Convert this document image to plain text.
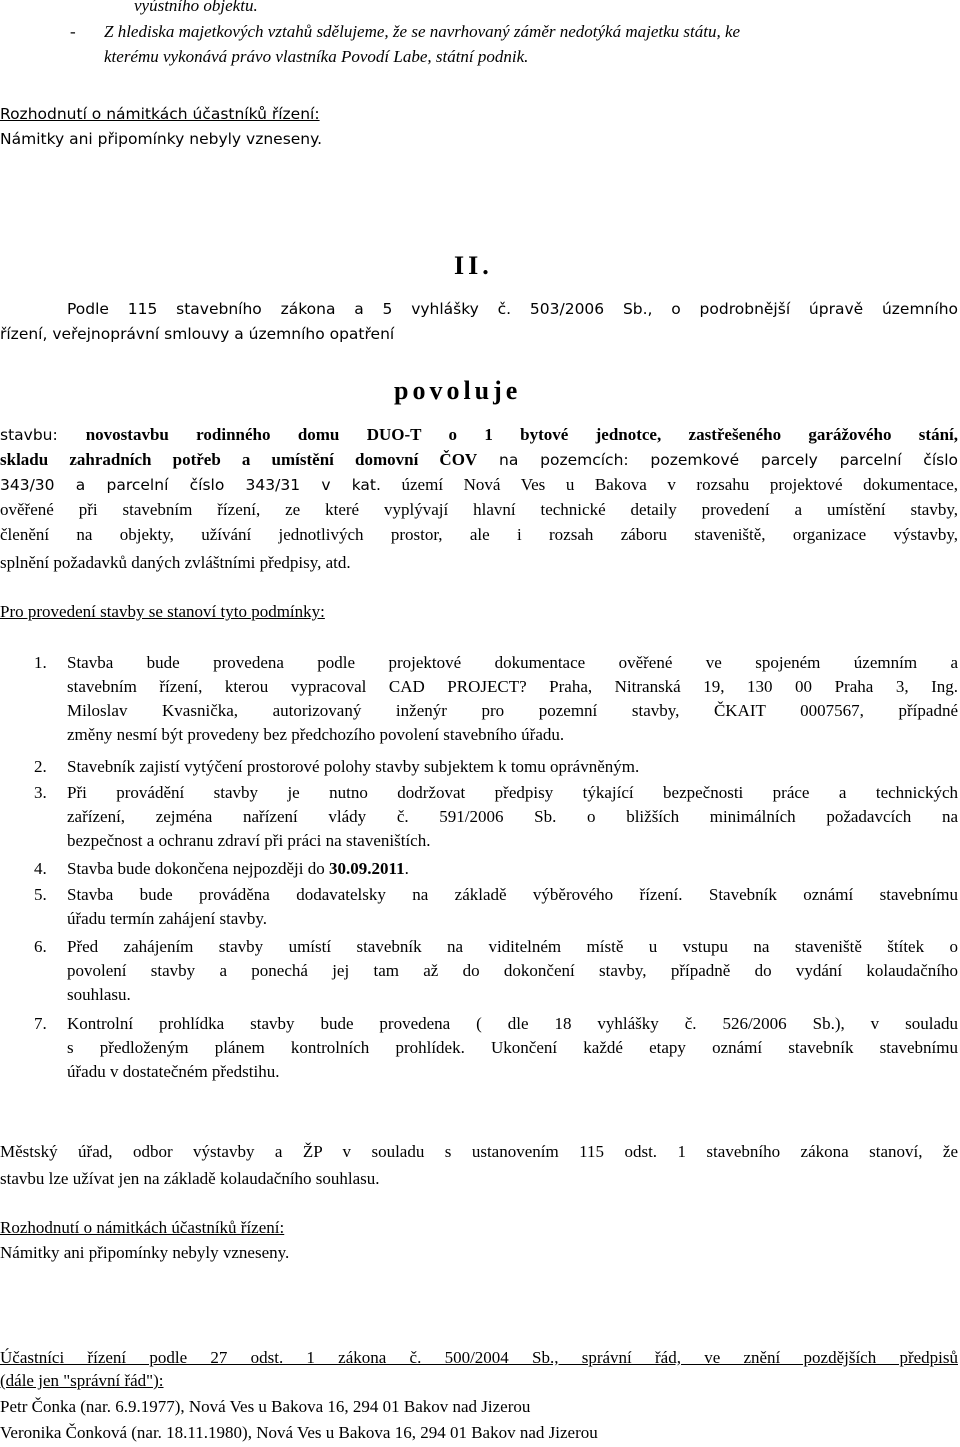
vyústního objektu.
- Z hlediska majetkových vztahů sdělujeme, že se navrhovaný záměr nedotýká majetku státu, ke
kterému vykonává právo vlastníka Povodí Labe, státní podnik.
Rozhodnutí o námitkách účastníků řízení:
Námitky ani připomínky nebyly vzneseny.
II.
Podle 115 stavebního zákona a 5 vyhlášky č. 503/2006 Sb., o podrobnější úpravě územního
řízení, veřejnoprávní smlouvy a územního opatření
povoluje
stavbu: novostavbu rodinného domu DUO-T o 1 bytové jednotce, zastřešeného garážového stání,
skladu zahradních potřeb a umístění domovní ČOV na pozemcích: pozemkové parcely parcelní číslo
343/30 a parcelní číslo 343/31 v kat. území Nová Ves u Bakova v rozsahu projektové dokumentace,
ověřené při stavebním řízení, ze které vyplývají hlavní technické detaily provedení a umístění stavby,
členění na objekty, užívání jednotlivých prostor, ale i rozsah záboru staveniště, organizace výstavby,
splnění požadavků daných zvláštními předpisy, atd.
Pro provedení stavby se stanoví tyto podmínky:
1. Stavba bude provedena podle projektové dokumentace ověřené ve spojeném územním a
stavebním řízení, kterou vypracoval CAD PROJECT? Praha, Nitranská 19, 130 00 Praha 3, Ing.
Miloslav Kvasnička, autorizovaný inženýr pro pozemní stavby, ČKAIT 0007567, případné
změny nesmí být provedeny bez předchozího povolení stavebního úřadu.
2. Stavebník zajistí vytýčení prostorové polohy stavby subjektem k tomu oprávněným.
3. Při provádění stavby je nutno dodržovat předpisy týkající bezpečnosti práce a technických
zařízení, zejména nařízení vlády č. 591/2006 Sb. o bližších minimálních požadavcích na
bezpečnost a ochranu zdraví při práci na staveništích.
4. Stavba bude dokončena nejpozději do 30.09.2011.
5. Stavba bude prováděna dodavatelsky na základě výběrového řízení. Stavebník oznámí stavebnímu
úřadu termín zahájení stavby.
6. Před zahájením stavby umístí stavebník na viditelném místě u vstupu na staveniště štítek o
povolení stavby a ponechá jej tam až do dokončení stavby, případně do vydání kolaudačního
souhlasu.
7. Kontrolní prohlídka stavby bude provedena ( dle 18 vyhlášky č. 526/2006 Sb.), v souladu
s předloženým plánem kontrolních prohlídek. Ukončení každé etapy oznámí stavebník stavebnímu
úřadu v dostatečném předstihu.
Městský úřad, odbor výstavby a ŽP v souladu s ustanovením 115 odst. 1 stavebního zákona stanoví, že
stavbu lze užívat jen na základě kolaudačního souhlasu.
Rozhodnutí o námitkách účastníků řízení:
Námitky ani připomínky nebyly vzneseny.
Účastníci řízení podle 27 odst. 1 zákona č. 500/2004 Sb., správní řád, ve znění pozdějších předpisů
(dále jen "správní řád"):
Petr Čonka (nar. 6.9.1977), Nová Ves u Bakova 16, 294 01 Bakov nad Jizerou
Veronika Čonková (nar. 18.11.1980), Nová Ves u Bakova 16, 294 01 Bakov nad Jizerou
